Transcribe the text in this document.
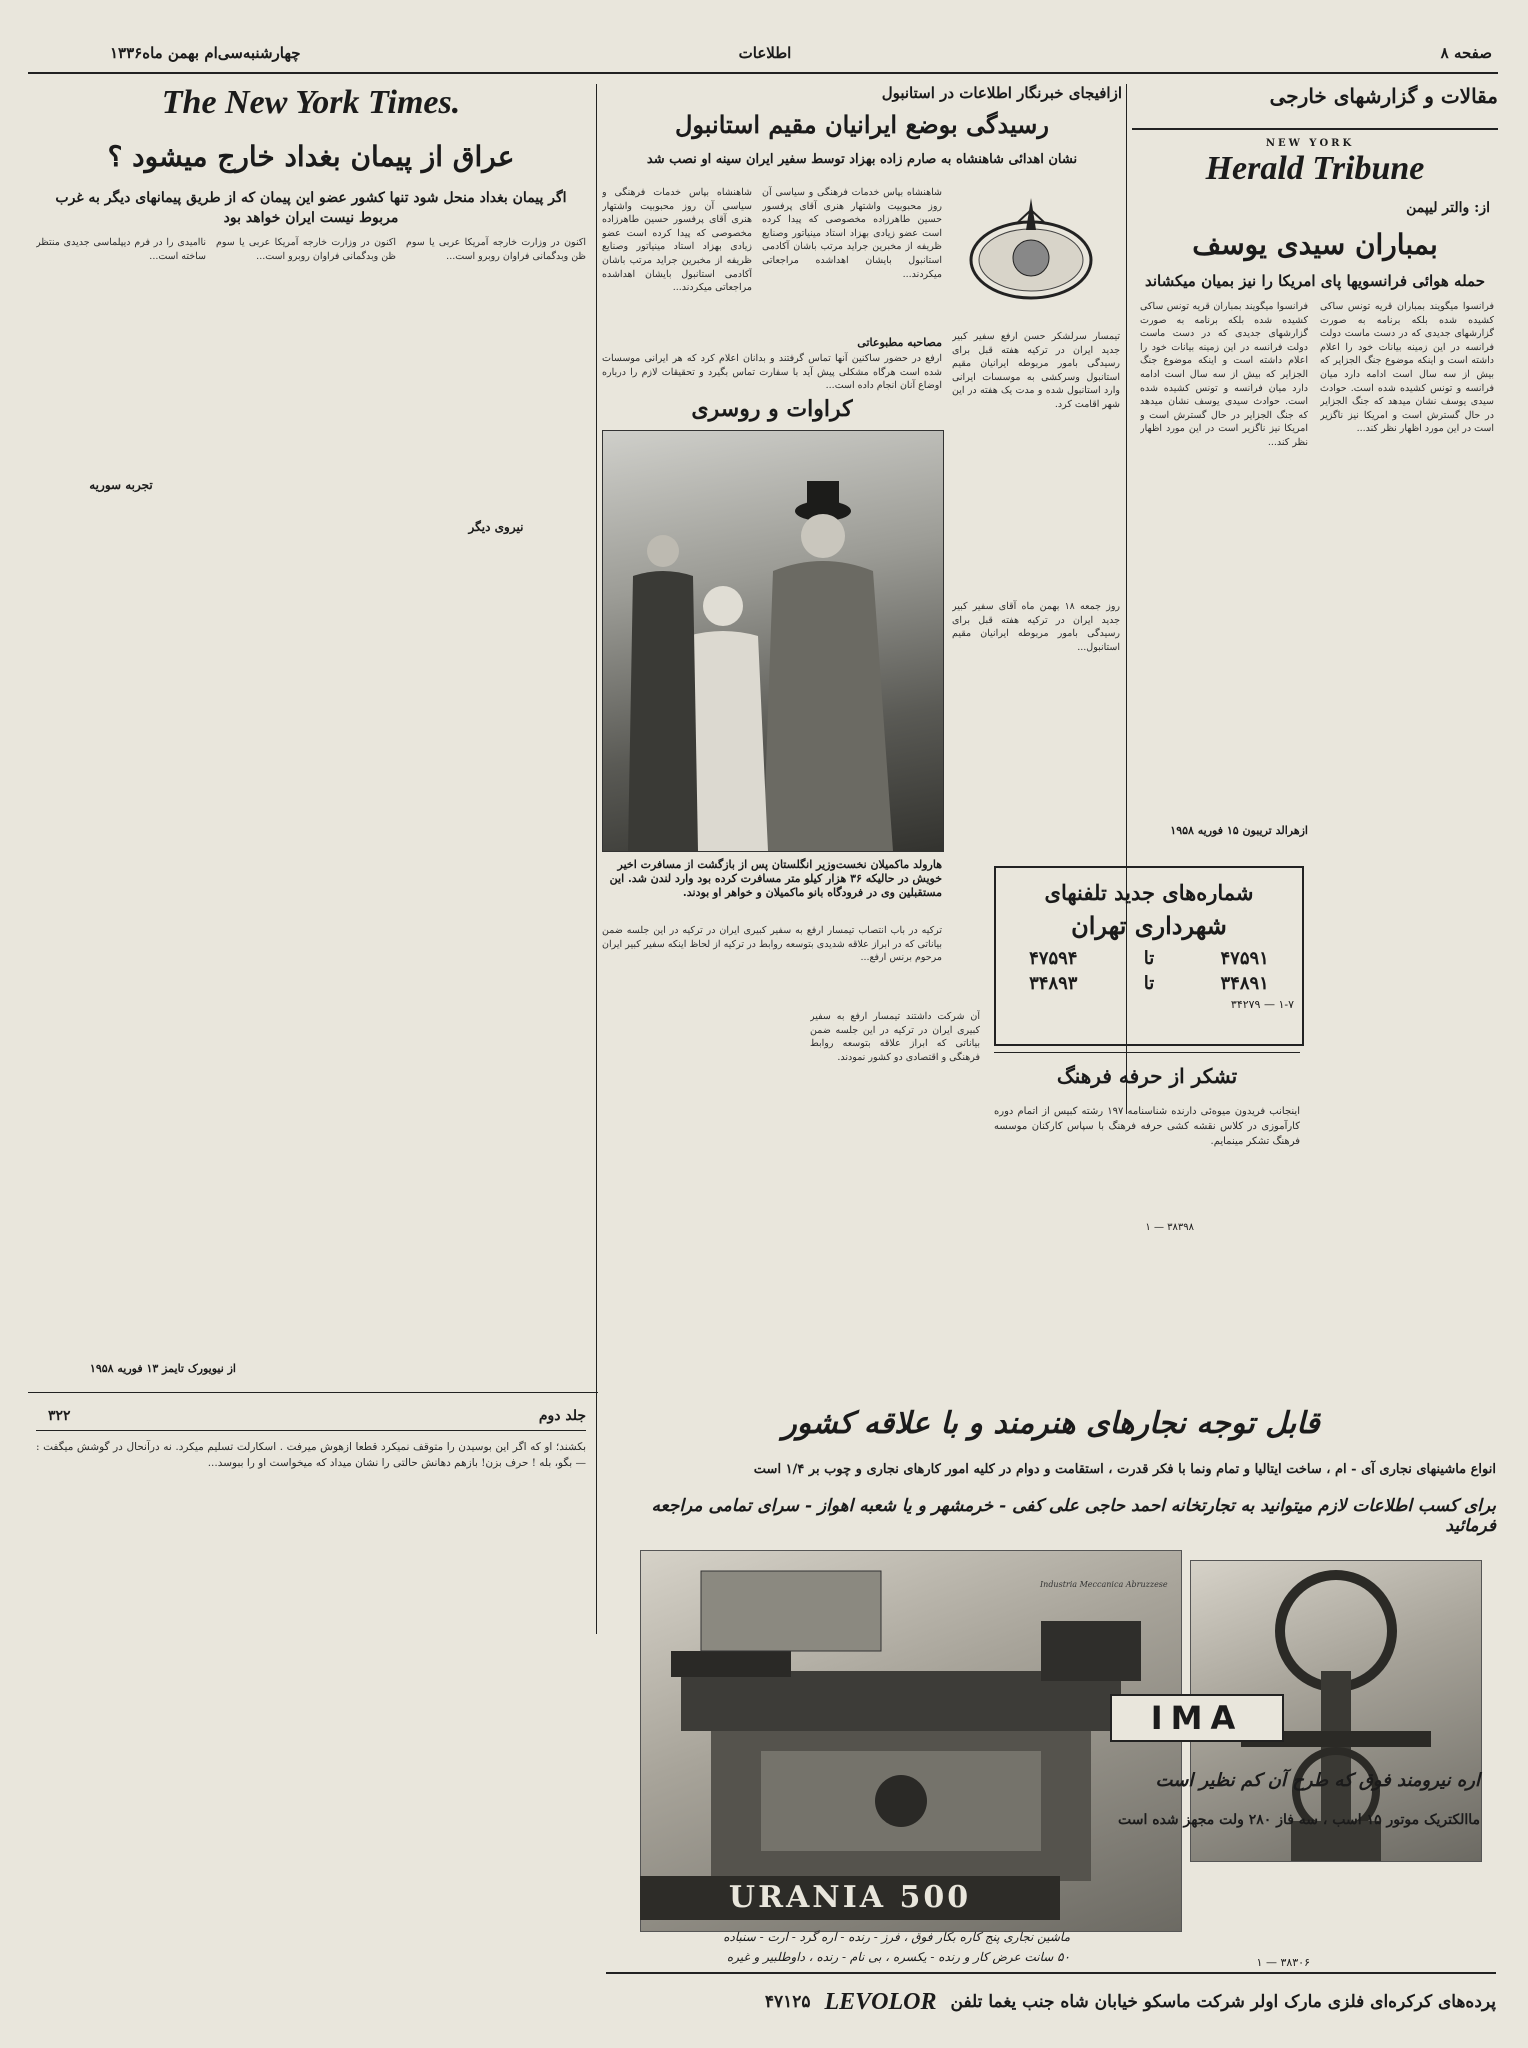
صفحه ۸
اطلاعات
چهارشنبه‌سی‌ام بهمن ماه۱۳۳۶
مقالات و گزارشهای خارجی
NEW YORK
Herald Tribune
از: والتر لیپمن
بمباران سیدی یوسف
حمله هوائی فرانسویها پای امریکا را نیز بمیان میکشاند
فرانسوا میگویند بمباران قریه تونس ساکی کشیده شده بلکه برنامه به صورت گزارشهای جدیدی که در دست ماست دولت فرانسه در این زمینه بیانات خود را اعلام داشته است و اینکه موضوع جنگ الجزایر که بیش از سه سال است ادامه دارد میان فرانسه و تونس کشیده شده است. حوادث سیدی یوسف نشان میدهد که جنگ الجزایر در حال گسترش است و امریکا نیز ناگزیر است در این مورد اظهار نظر کند...
فرانسوا میگویند بمباران قریه تونس ساکی کشیده شده بلکه برنامه به صورت گزارشهای جدیدی که در دست ماست دولت فرانسه در این زمینه بیانات خود را اعلام داشته است و اینکه موضوع جنگ الجزایر که بیش از سه سال است ادامه دارد میان فرانسه و تونس کشیده شده است. حوادث سیدی یوسف نشان میدهد که جنگ الجزایر در حال گسترش است و امریکا نیز ناگزیر است در این مورد اظهار نظر کند...
ازهرالد تریبون ۱۵ فوریه ۱۹۵۸
ازافیجای خبرنگار اطلاعات در استانبول
رسیدگی بوضع ایرانیان مقیم استانبول
نشان اهدائی شاهنشاه به صارم زاده بهزاد توسط سفیر ایران سینه او نصب شد
شاهنشاه بپاس خدمات فرهنگی و سیاسی آن روز محبوبیت واشتهار هنری آقای پرفسور حسین طاهرزاده مخصوصی که پیدا کرده است عضو زیادی بهزاد استاد مینیاتور وصنایع ظریفه از مخبرین جراید مرتب باشان آکادمی استانبول بایشان اهداشده مراجعاتی میکردند...
شاهنشاه بپاس خدمات فرهنگی و سیاسی آن روز محبوبیت واشتهار هنری آقای پرفسور حسین طاهرزاده مخصوصی که پیدا کرده است عضو زیادی بهزاد استاد مینیاتور وصنایع ظریفه از مخبرین جراید مرتب باشان آکادمی استانبول بایشان اهداشده مراجعاتی میکردند...
مصاحبه مطبوعاتی
ارفع در حضور ساکنین آنها تماس گرفتند و بدانان اعلام کرد که هر ایرانی موسسات شده است هرگاه مشکلی پیش آید با سفارت تماس بگیرد و تحقیقات لازم را درباره اوضاع آنان انجام داده است...
کراوات و روسری
تیمسار سرلشکر حسن ارفع سفیر کبیر جدید ایران در ترکیه هفته قبل برای رسیدگی بامور مربوطه ایرانیان مقیم استانبول وسرکشی به موسسات ایرانی وارد استانبول شده و مدت یک هفته در این شهر اقامت کرد.
روز جمعه ۱۸ بهمن ماه آقای سفیر کبیر جدید ایران در ترکیه هفته قبل برای رسیدگی بامور مربوطه ایرانیان مقیم استانبول...
هارولد ماکمیلان نخست‌وزیر انگلستان پس از بازگشت از مسافرت اخیر خویش در حالیکه ۳۶ هزار کیلو متر مسافرت کرده بود وارد لندن شد. این مستقبلین وی در فرودگاه بانو ماکمیلان و خواهر او بودند.	شماره‌های جدید تلفنهای
شهرداری تهران
۴۷۵۹۴	تا	۴۷۵۹۱
۳۴۸۹۳	تا	۳۴۸۹۱
۱-۷ — ۳۴۲۷۹
تشکر از حرفه فرهنگ
اینجانب فریدون میوه‌ئی دارنده شناسنامه ۱۹۷ رشته کبیس از اتمام دوره کارآموزی در کلاس نقشه کشی حرفه فرهنگ با سپاس کارکنان موسسه فرهنگ تشکر مینمایم.
۳۸۳۹۸ — ۱
ترکیه در باب انتصاب تیمسار ارفع به سفیر کبیری ایران در ترکیه در این جلسه ضمن بیاناتی که در ابراز علاقه شدیدی بتوسعه روابط در ترکیه از لحاظ اینکه سفیر کبیر ایران مرحوم برنس ارفع...
آن شرکت داشتند تیمسار ارفع به سفیر کبیری ایران در ترکیه در این جلسه ضمن بیاناتی که ابراز علاقه بتوسعه روابط فرهنگی و اقتصادی دو کشور نمودند.
The New York Times.
عراق از پیمان بغداد خارج میشود ؟
اگر پیمان بغداد منحل شود تنها کشور عضو این پیمان که از طریق پیمانهای دیگر به غرب مربوط نیست ایران خواهد بود
ناامیدی را در فرم دیپلماسی جدیدی منتظر ساخته است...
اکنون در وزارت خارجه آمریکا عربی یا سوم ظن وبدگمانی فراوان روبرو است...
اکنون در وزارت خارجه آمریکا عربی یا سوم ظن وبدگمانی فراوان روبرو است...
نیروی دیگر
تجربه سوریه
از نیویورک تایمز ۱۳ فوریه ۱۹۵۸
۳۲۲	جلد دوم
بکشند؛ او که اگر این بوسیدن را متوقف نمیکرد قطعا ازهوش میرفت . اسکارلت تسلیم میکرد. نه درآنحال در گوشش میگفت : — بگو، بله ! حرف بزن! بازهم دهانش حالتی را نشان میداد که میخواست او را ببوسد...
قابل توجه نجارهای هنرمند و با علاقه کشور
انواع ماشینهای نجاری آی - ام ، ساخت ایتالیا و تمام ونما با فکر قدرت ، استقامت و دوام در کلیه امور کارهای نجاری و چوب بر ۱/۴ است
برای کسب اطلاعات لازم میتوانید به تجارتخانه احمد حاجی علی کفی - خرمشهر و یا شعبه اهواز - سرای تمامی مراجعه فرمائید
Industria Meccanica Abruzzese
URANIA 500
IMA
اره نیرومند فوق که طرح آن کم نظیر است
ماالکتریک موتور ۱۵ اسب ، سه فاز ۲۸۰ ولت مجهز شده است
ماشین نجاری پنج کاره بکار فوق ، فرز - رنده - اره گرد - ارت - سنباده
۵۰ سانت عرض کار و رنده - یکسره ، بی نام - رنده ، داوطلبیر و غیره	۳۸۳۰۶ — ۱
پرده‌های کرکره‌ای فلزی مارک اولر شرکت ماسکو خیابان شاه جنب یغما تلفن
LEVOLOR
۴۷۱۲۵
